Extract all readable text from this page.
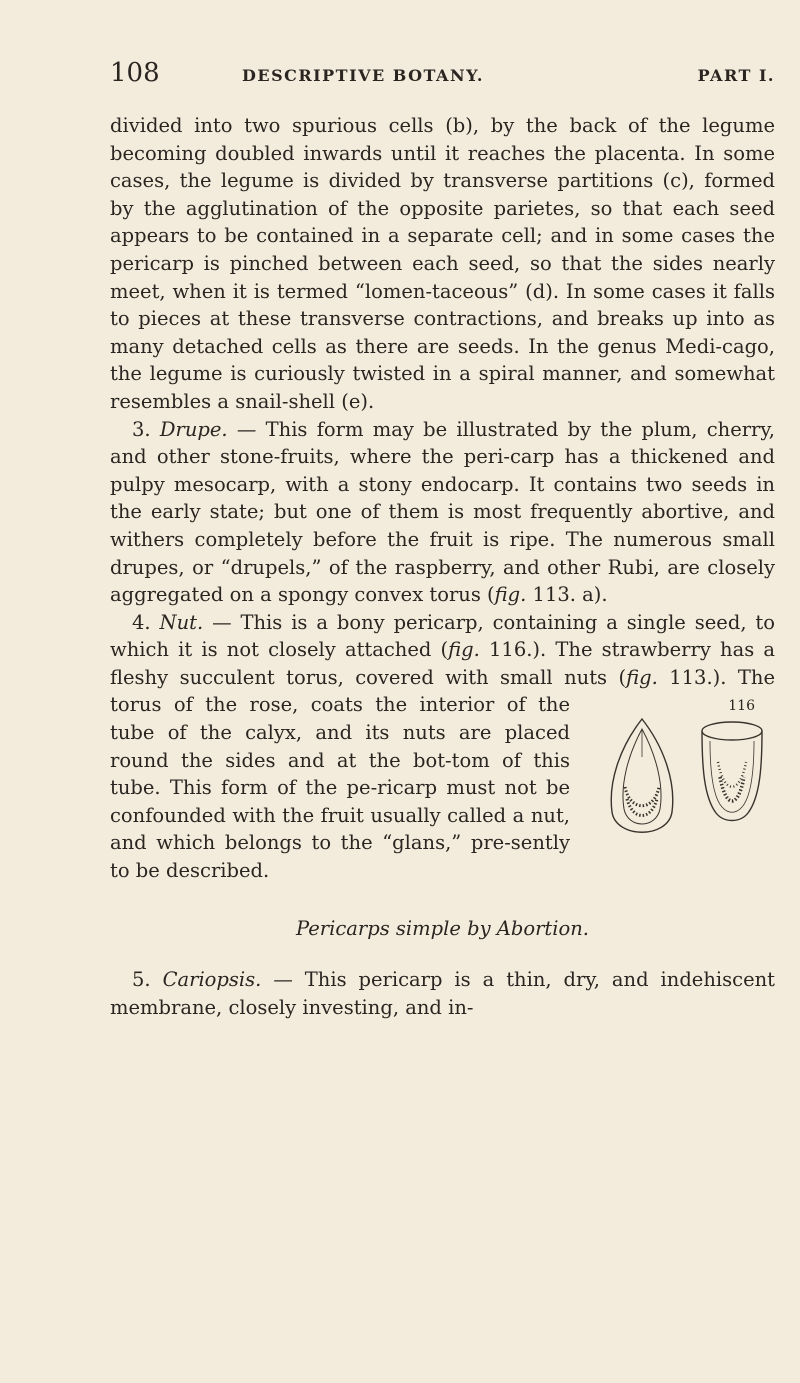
108	DESCRIPTIVE BOTANY.	PART I.

divided into two spurious cells (b), by the back of the legume becoming doubled inwards until it reaches the placenta. In some cases, the legume is divided by transverse partitions (c), formed by the agglutination of the opposite parietes, so that each seed appears to be contained in a separate cell; and in some cases the pericarp is pinched between each seed, so that the sides nearly meet, when it is termed “lomen-taceous” (d). In some cases it falls to pieces at these transverse contractions, and breaks up into as many detached cells as there are seeds. In the genus Medi-cago, the legume is curiously twisted in a spiral manner, and somewhat resembles a snail-shell (e).

3. Drupe. — This form may be illustrated by the plum, cherry, and other stone-fruits, where the peri-carp has a thickened and pulpy mesocarp, with a stony endocarp. It contains two seeds in the early state; but one of them is most frequently abortive, and withers completely before the fruit is ripe. The numerous small drupes, or “drupels,” of the raspberry, and other Rubi, are closely aggregated on a spongy convex torus (fig. 113. a).

4. Nut. — This is a bony pericarp, containing a single seed, to which it is not closely attached (fig. 116.). The strawberry has a fleshy succulent torus, covered with small nuts (
116
fig. 113.). The torus of the rose, coats the interior of the tube of the calyx, and its nuts are placed round the sides and at the bot-tom of this tube. This form of the pe-ricarp must not be confounded with the fruit usually called a nut, and which belongs to the “glans,” pre-sently to be described.

Pericarps simple by Abortion.

5. Cariopsis. — This pericarp is a thin, dry, and indehiscent membrane, closely investing, and in-
